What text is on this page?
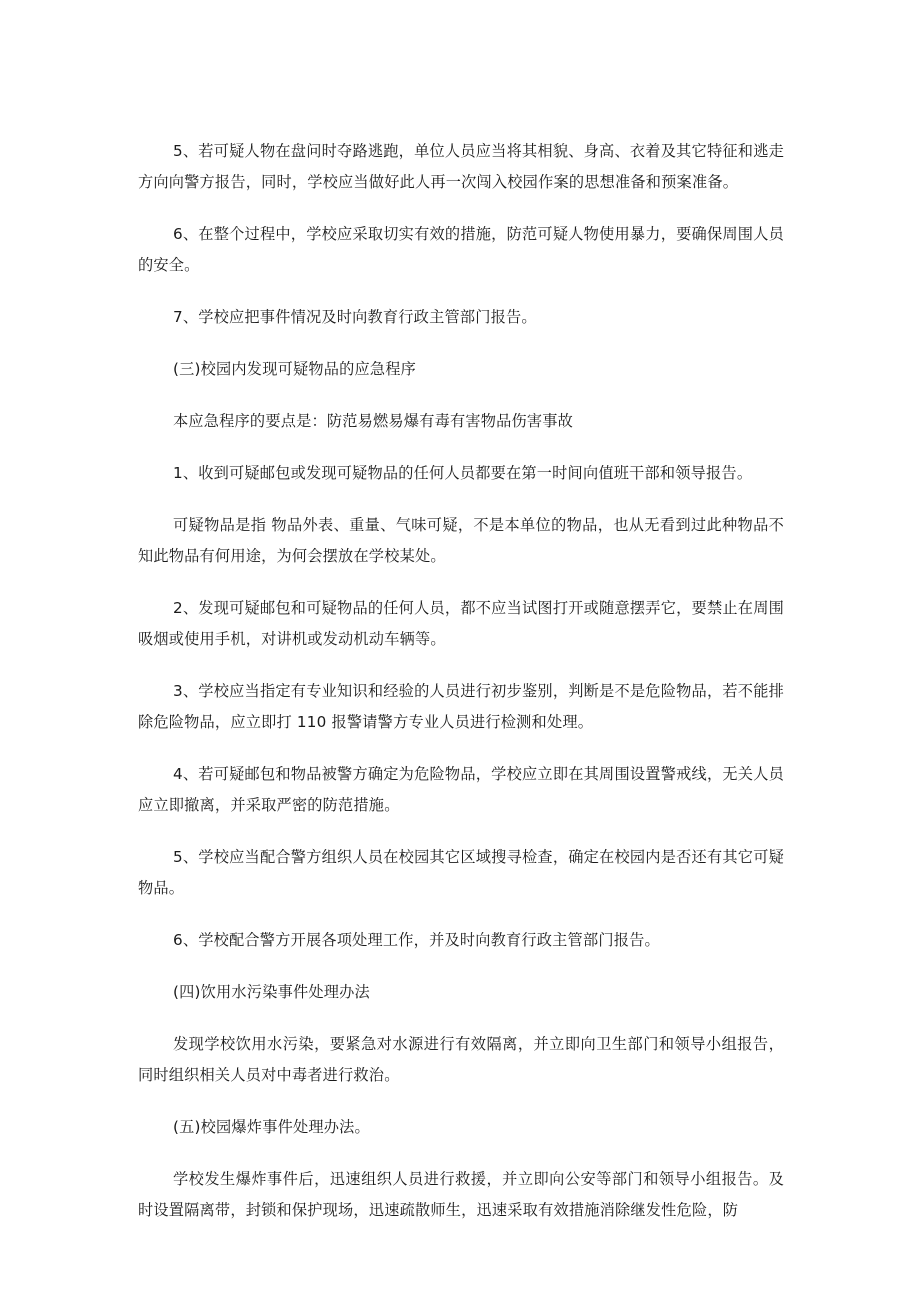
5、若可疑人物在盘问时夺路逃跑，单位人员应当将其相貌、身高、衣着及其它特征和逃走方向向警方报告，同时，学校应当做好此人再一次闯入校园作案的思想准备和预案准备。

6、在整个过程中，学校应采取切实有效的措施，防范可疑人物使用暴力，要确保周围人员的安全。

7、学校应把事件情况及时向教育行政主管部门报告。

(三)校园内发现可疑物品的应急程序

本应急程序的要点是：防范易燃易爆有毒有害物品伤害事故

1、收到可疑邮包或发现可疑物品的任何人员都要在第一时间向值班干部和领导报告。

可疑物品是指 物品外表、重量、气味可疑，不是本单位的物品，也从无看到过此种物品不知此物品有何用途，为何会摆放在学校某处。

2、发现可疑邮包和可疑物品的任何人员，都不应当试图打开或随意摆弄它，要禁止在周围吸烟或使用手机，对讲机或发动机动车辆等。

3、学校应当指定有专业知识和经验的人员进行初步鉴别，判断是不是危险物品，若不能排除危险物品，应立即打 110 报警请警方专业人员进行检测和处理。

4、若可疑邮包和物品被警方确定为危险物品，学校应立即在其周围设置警戒线，无关人员应立即撤离，并采取严密的防范措施。

5、学校应当配合警方组织人员在校园其它区域搜寻检查，确定在校园内是否还有其它可疑物品。

6、学校配合警方开展各项处理工作，并及时向教育行政主管部门报告。

(四)饮用水污染事件处理办法

发现学校饮用水污染，要紧急对水源进行有效隔离，并立即向卫生部门和领导小组报告，同时组织相关人员对中毒者进行救治。

(五)校园爆炸事件处理办法。

学校发生爆炸事件后，迅速组织人员进行救援，并立即向公安等部门和领导小组报告。及时设置隔离带，封锁和保护现场，迅速疏散师生，迅速采取有效措施消除继发性危险，防
